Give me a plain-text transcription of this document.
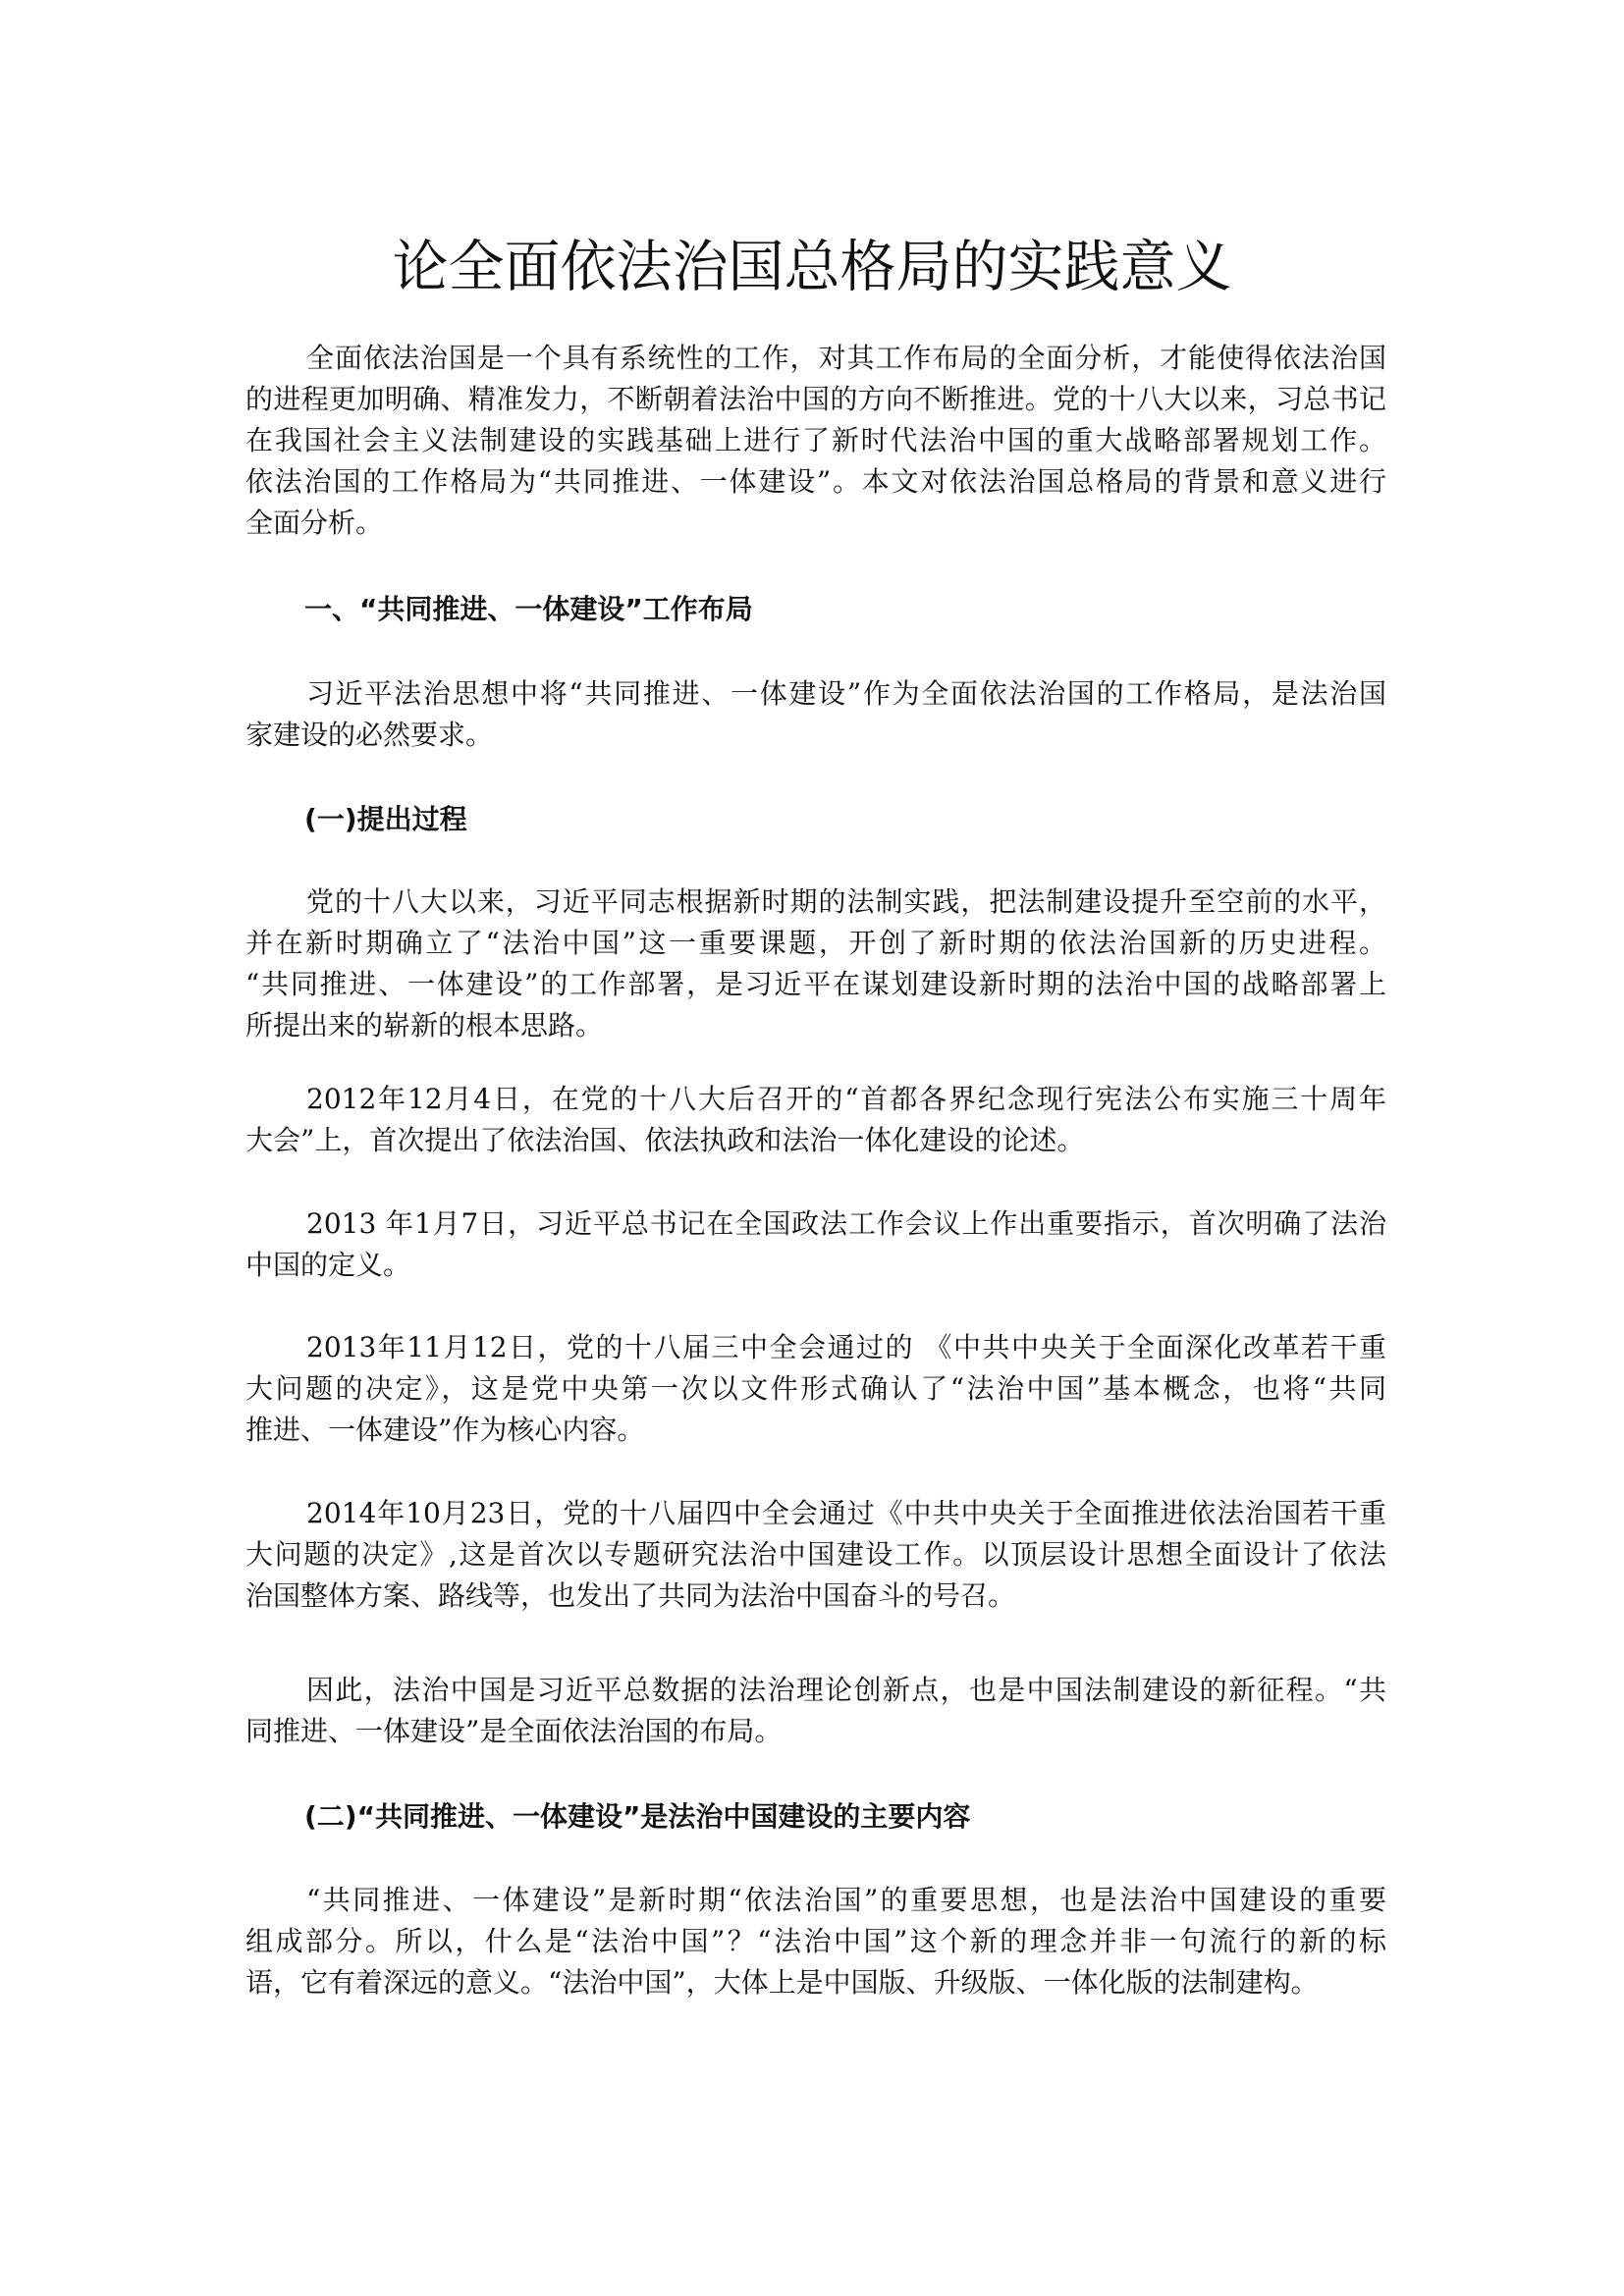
论全面依法治国总格局的实践意义
全面依法治国是一个具有系统性的工作，对其工作布局的全面分析，才能使得依法治国
的进程更加明确、精准发力，不断朝着法治中国的方向不断推进。党的十八大以来，习总书记
在我国社会主义法制建设的实践基础上进行了新时代法治中国的重大战略部署规划工作。
依法治国的工作格局为“共同推进、一体建设”。本文对依法治国总格局的背景和意义进行
全面分析。
一、“共同推进、一体建设”工作布局
习近平法治思想中将“共同推进、一体建设”作为全面依法治国的工作格局，是法治国
家建设的必然要求。
(一)提出过程
党的十八大以来，习近平同志根据新时期的法制实践，把法制建设提升至空前的水平，
并在新时期确立了“法治中国”这一重要课题，开创了新时期的依法治国新的历史进程。
“共同推进、一体建设”的工作部署，是习近平在谋划建设新时期的法治中国的战略部署上
所提出来的崭新的根本思路。
2012年12月4日，在党的十八大后召开的“首都各界纪念现行宪法公布实施三十周年
大会”上，首次提出了依法治国、依法执政和法治一体化建设的论述。
2013 年1月7日，习近平总书记在全国政法工作会议上作出重要指示，首次明确了法治
中国的定义。
2013年11月12日，党的十八届三中全会通过的 《中共中央关于全面深化改革若干重
大问题的决定》，这是党中央第一次以文件形式确认了“法治中国”基本概念，也将“共同
推进、一体建设”作为核心内容。
2014年10月23日，党的十八届四中全会通过《中共中央关于全面推进依法治国若干重
大问题的决定》,这是首次以专题研究法治中国建设工作。以顶层设计思想全面设计了依法
治国整体方案、路线等，也发出了共同为法治中国奋斗的号召。
因此，法治中国是习近平总数据的法治理论创新点，也是中国法制建设的新征程。“共
同推进、一体建设”是全面依法治国的布局。
(二)“共同推进、一体建设”是法治中国建设的主要内容
“共同推进、一体建设”是新时期“依法治国”的重要思想，也是法治中国建设的重要
组成部分。所以，什么是“法治中国”？“法治中国”这个新的理念并非一句流行的新的标
语，它有着深远的意义。“法治中国”，大体上是中国版、升级版、一体化版的法制建构。
